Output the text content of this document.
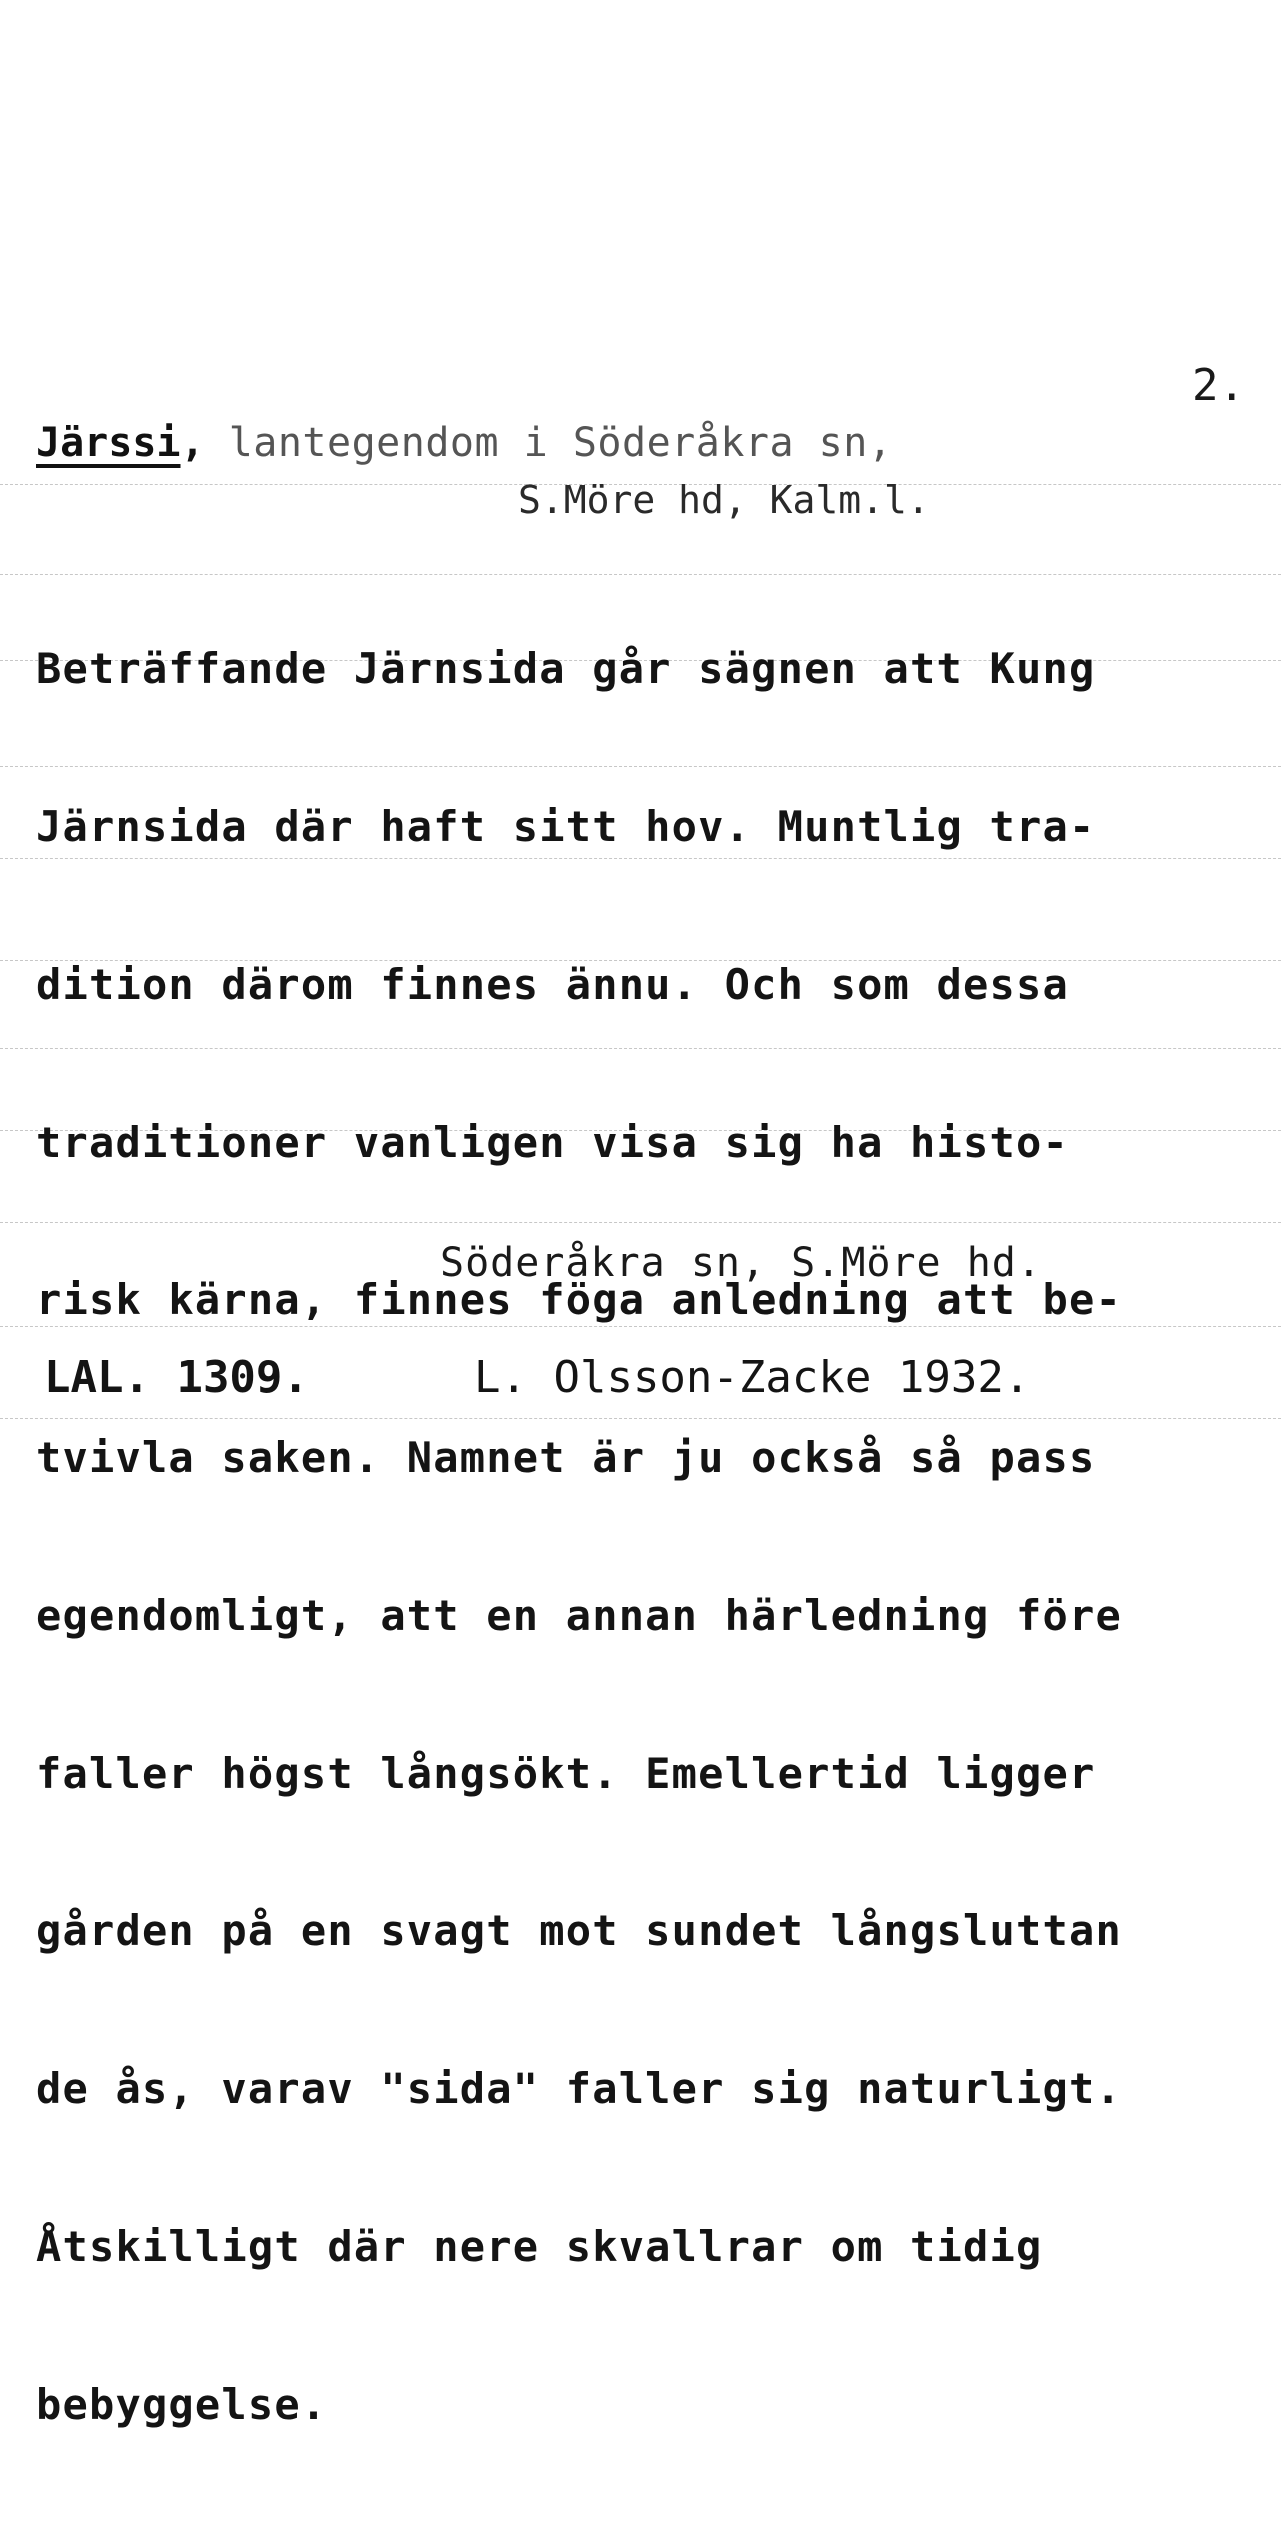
2.
Järssi, lantegendom i Söderåkra sn,
S.Möre hd, Kalm.l.

Beträffande Järnsida går sägnen att Kung

Järnsida där haft sitt hov. Muntlig tra-

dition därom finnes ännu. Och som dessa

traditioner vanligen visa sig ha histo-

risk kärna, finnes föga anledning att be-

tvivla saken. Namnet är ju också så pass

egendomligt, att en annan härledning före

faller högst långsökt. Emellertid ligger

gården på en svagt mot sundet långsluttan

de ås, varav "sida" faller sig naturligt.

Åtskilligt där nere skvallrar om tidig

bebyggelse.

Söderåkra sn, S.Möre hd.
LAL. 1309.	L. Olsson-Zacke 1932.
